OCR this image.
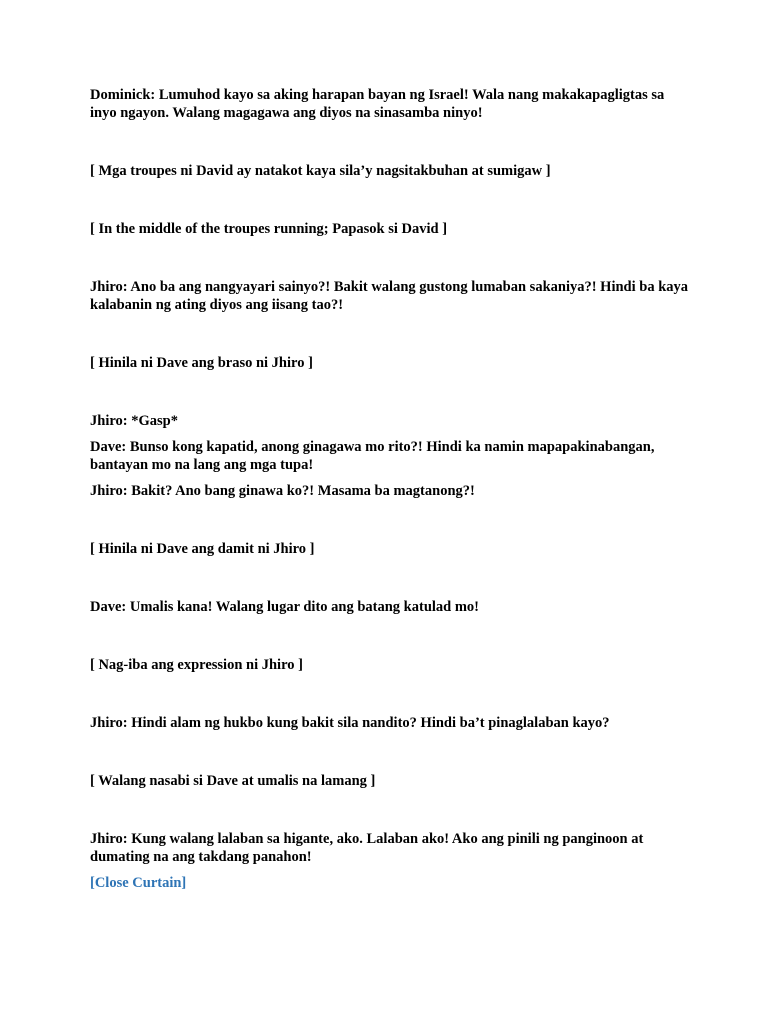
Dominick: Lumuhod kayo sa aking harapan bayan ng Israel! Wala nang makakapagligtas sa inyo ngayon. Walang magagawa ang diyos na sinasamba ninyo!

[ Mga troupes ni David ay natakot kaya sila’y nagsitakbuhan at sumigaw ]

[ In the middle of the troupes running; Papasok si David ]

Jhiro: Ano ba ang nangyayari sainyo?! Bakit walang gustong lumaban sakaniya?! Hindi ba kaya kalabanin ng ating diyos ang iisang tao?!

[ Hinila ni Dave ang braso ni Jhiro ]

Jhiro: *Gasp*

Dave: Bunso kong kapatid, anong ginagawa mo rito?! Hindi ka namin mapapakinabangan, bantayan mo na lang ang mga tupa!

Jhiro: Bakit? Ano bang ginawa ko?! Masama ba magtanong?!

[ Hinila ni Dave ang damit ni Jhiro ]

Dave: Umalis kana! Walang lugar dito ang batang katulad mo!

[ Nag-iba ang expression ni Jhiro ]

Jhiro: Hindi alam ng hukbo kung bakit sila nandito? Hindi ba’t pinaglalaban kayo?

[ Walang nasabi si Dave at umalis na lamang ]

Jhiro: Kung walang lalaban sa higante, ako. Lalaban ako! Ako ang pinili ng panginoon at dumating na ang takdang panahon!

[Close Curtain]
